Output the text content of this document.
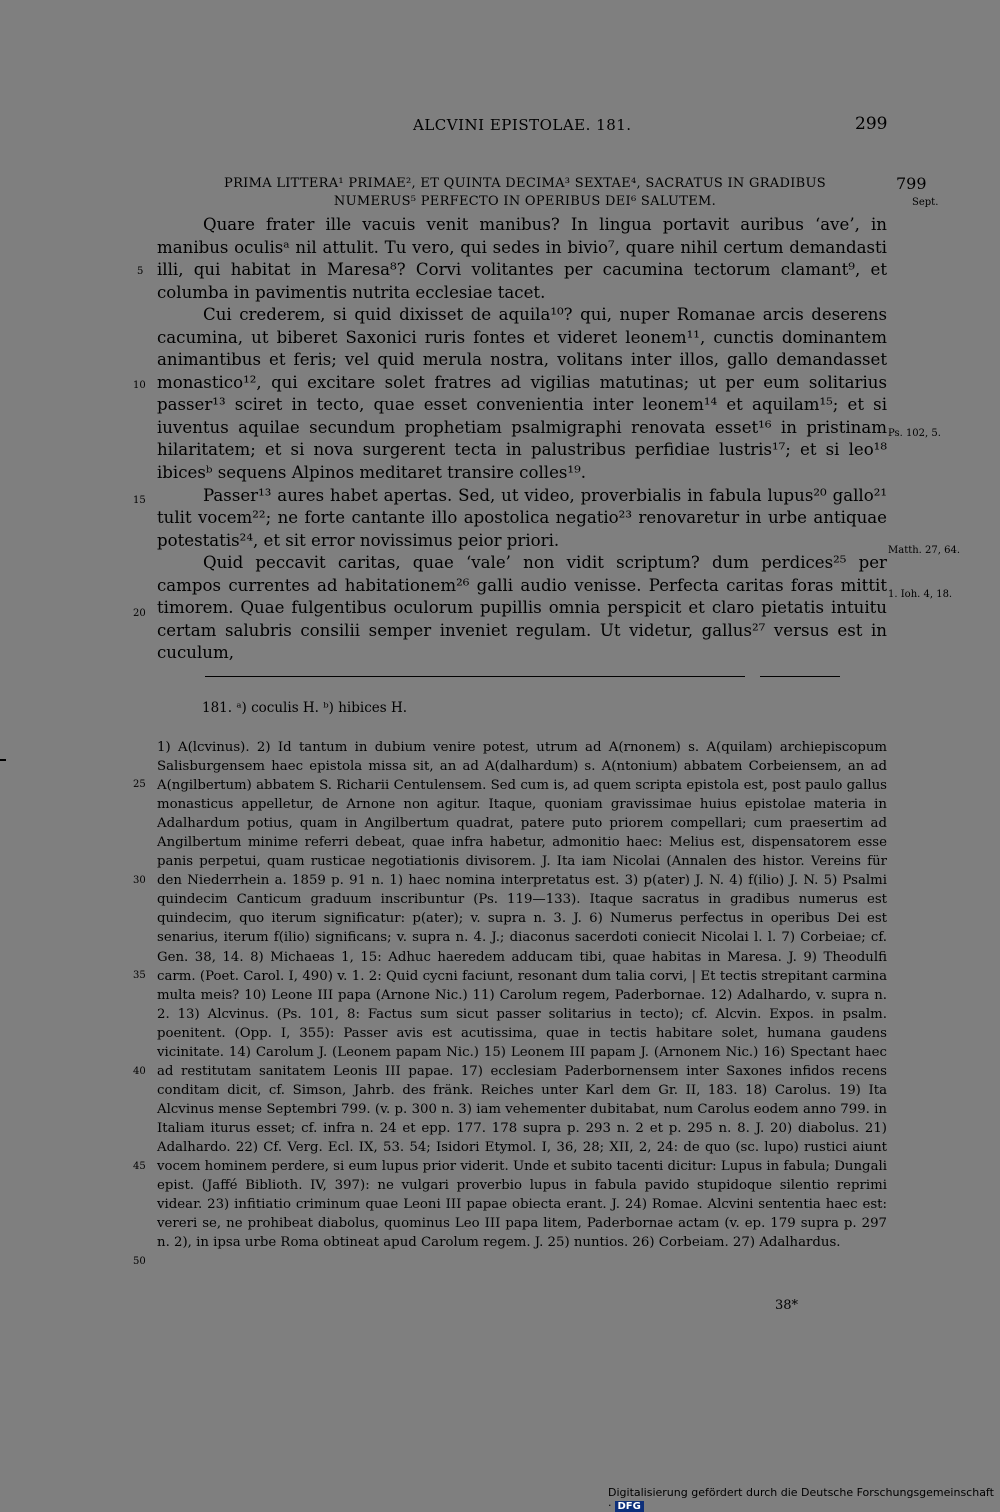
ALCVINI EPISTOLAE. 181.	299
PRIMA LITTERA¹ PRIMAE², ET QUINTA DECIMA³ SEXTAE⁴, SACRATUS IN GRADIBUS
NUMERUS⁵ PERFECTO IN OPERIBUS DEI⁶ SALUTEM.
799
Sept.

Quare frater ille vacuis venit manibus? In lingua portavit auribus ‘ave’, in manibus oculisᵃ nil attulit. Tu vero, qui sedes in bivio⁷, quare nihil certum demandasti illi, qui habitat in Maresa⁸? Corvi volitantes per cacumina tectorum clamant⁹, et columba in pavimentis nutrita ecclesiae tacet.

Cui crederem, si quid dixisset de aquila¹⁰? qui, nuper Romanae arcis deserens cacumina, ut biberet Saxonici ruris fontes et videret leonem¹¹, cunctis dominantem animantibus et feris; vel quid merula nostra, volitans inter illos, gallo demandasset monastico¹², qui excitare solet fratres ad vigilias matutinas; ut per eum solitarius passer¹³ sciret in tecto, quae esset convenientia inter leonem¹⁴ et aquilam¹⁵; et si iuventus aquilae secundum prophetiam psalmigraphi renovata esset¹⁶ in pristinam hilaritatem; et si nova surgerent tecta in palustribus perfidiae lustris¹⁷; et si leo¹⁸ ibicesᵇ sequens Alpinos meditaret transire colles¹⁹.

Passer¹³ aures habet apertas. Sed, ut video, proverbialis in fabula lupus²⁰ gallo²¹ tulit vocem²²; ne forte cantante illo apostolica negatio²³ renovaretur in urbe antiquae potestatis²⁴, et sit error novissimus peior priori.

Quid peccavit caritas, quae ‘vale’ non vidit scriptum? dum perdices²⁵ per campos currentes ad habitationem²⁶ galli audio venisse. Perfecta caritas foras mittit timorem. Quae fulgentibus oculorum pupillis omnia perspicit et claro pietatis intuitu certam salubris consilii semper inveniet regulam. Ut videtur, gallus²⁷ versus est in cuculum,

5
10
15
20
25
30
35
40
45
50
Ps. 102, 5.
Matth. 27, 64.
1. Ioh. 4, 18.
181. ᵃ) coculis H. ᵇ) hibices H.
1) A(lcvinus). 2) Id tantum in dubium venire potest, utrum ad A(rnonem) s. A(quilam) archiepiscopum Salisburgensem haec epistola missa sit, an ad A(dalhardum) s. A(ntonium) abbatem Corbeiensem, an ad A(ngilbertum) abbatem S. Richarii Centulensem. Sed cum is, ad quem scripta epistola est, post paulo gallus monasticus appelletur, de Arnone non agitur. Itaque, quoniam gravissimae huius epistolae materia in Adalhardum potius, quam in Angilbertum quadrat, patere puto priorem compellari; cum praesertim ad Angilbertum minime referri debeat, quae infra habetur, admonitio haec: Melius est, dispensatorem esse panis perpetui, quam rusticae negotiationis divisorem. J. Ita iam Nicolai (Annalen des histor. Vereins für den Niederrhein a. 1859 p. 91 n. 1) haec nomina interpretatus est. 3) p(ater) J. N. 4) f(ilio) J. N. 5) Psalmi quindecim Canticum graduum inscribuntur (Ps. 119—133). Itaque sacratus in gradibus numerus est quindecim, quo iterum significatur: p(ater); v. supra n. 3. J. 6) Numerus perfectus in operibus Dei est senarius, iterum f(ilio) significans; v. supra n. 4. J.; diaconus sacerdoti coniecit Nicolai l. l. 7) Corbeiae; cf. Gen. 38, 14. 8) Michaeas 1, 15: Adhuc haeredem adducam tibi, quae habitas in Maresa. J. 9) Theodulfi carm. (Poet. Carol. I, 490) v. 1. 2: Quid cycni faciunt, resonant dum talia corvi, | Et tectis strepitant carmina multa meis? 10) Leone III papa (Arnone Nic.) 11) Carolum regem, Paderbornae. 12) Adalhardo, v. supra n. 2. 13) Alcvinus. (Ps. 101, 8: Factus sum sicut passer solitarius in tecto); cf. Alcvin. Expos. in psalm. poenitent. (Opp. I, 355): Passer avis est acutissima, quae in tectis habitare solet, humana gaudens vicinitate. 14) Carolum J. (Leonem papam Nic.) 15) Leonem III papam J. (Arnonem Nic.) 16) Spectant haec ad restitutam sanitatem Leonis III papae. 17) ecclesiam Paderbornensem inter Saxones infidos recens conditam dicit, cf. Simson, Jahrb. des fränk. Reiches unter Karl dem Gr. II, 183. 18) Carolus. 19) Ita Alcvinus mense Septembri 799. (v. p. 300 n. 3) iam vehementer dubitabat, num Carolus eodem anno 799. in Italiam iturus esset; cf. infra n. 24 et epp. 177. 178 supra p. 293 n. 2 et p. 295 n. 8. J. 20) diabolus. 21) Adalhardo. 22) Cf. Verg. Ecl. IX, 53. 54; Isidori Etymol. I, 36, 28; XII, 2, 24: de quo (sc. lupo) rustici aiunt vocem hominem perdere, si eum lupus prior viderit. Unde et subito tacenti dicitur: Lupus in fabula; Dungali epist. (Jaffé Biblioth. IV, 397): ne vulgari proverbio lupus in fabula pavido stupidoque silentio reprimi videar. 23) infitiatio criminum quae Leoni III papae obiecta erant. J. 24) Romae. Alcvini sententia haec est: vereri se, ne prohibeat diabolus, quominus Leo III papa litem, Paderbornae actam (v. ep. 179 supra p. 297 n. 2), in ipsa urbe Roma obtineat apud Carolum regem. J. 25) nuntios. 26) Corbeiam. 27) Adalhardus.
38*
Digitalisierung gefördert durch die Deutsche Forschungsgemeinschaft · DFG
